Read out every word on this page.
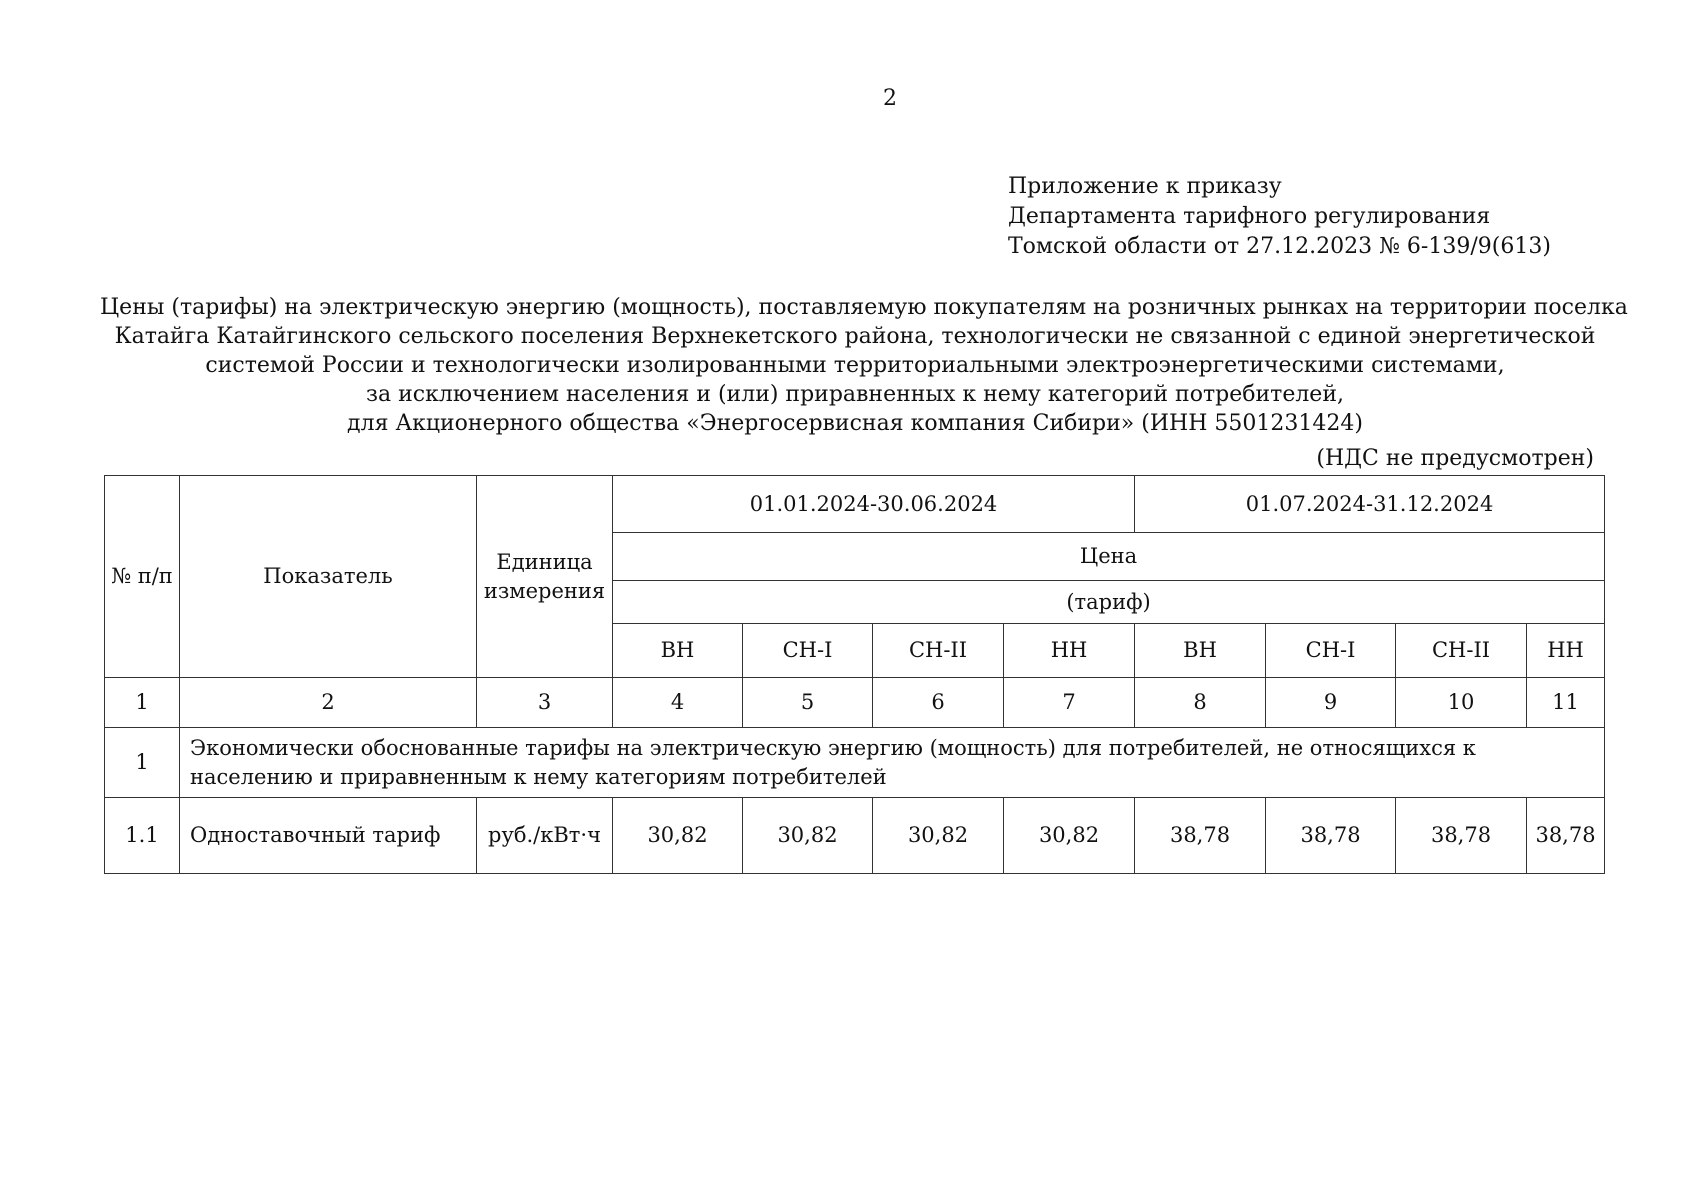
2
Приложение к приказу
Департамента тарифного регулирования
Томской области от 27.12.2023 № 6-139/9(613)
Цены (тарифы) на электрическую энергию (мощность), поставляемую покупателям на розничных рынках на территории поселка
Катайга Катайгинского сельского поселения Верхнекетского района, технологически не связанной с единой энергетической
системой России и технологически изолированными территориальными электроэнергетическими системами,
за исключением населения и (или) приравненных к нему категорий потребителей,
для Акционерного общества «Энергосервисная компания Сибири» (ИНН 5501231424)
(НДС не предусмотрен)
№ п/п	Показатель	Единица измерения	01.01.2024-30.06.2024				01.07.2024-31.12.2024			
			Цена							
			(тариф)							
			ВН	СН-I	СН-II	НН	ВН	СН-I	СН-II	НН
1	2	3	4	5	6	7	8	9	10	11
1	Экономически обоснованные тарифы на электрическую энергию (мощность) для потребителей, не относящихся к населению и приравненным к нему категориям потребителей									
1.1	Одноставочный тариф	руб./кВт·ч	30,82	30,82	30,82	30,82	38,78	38,78	38,78	38,78
